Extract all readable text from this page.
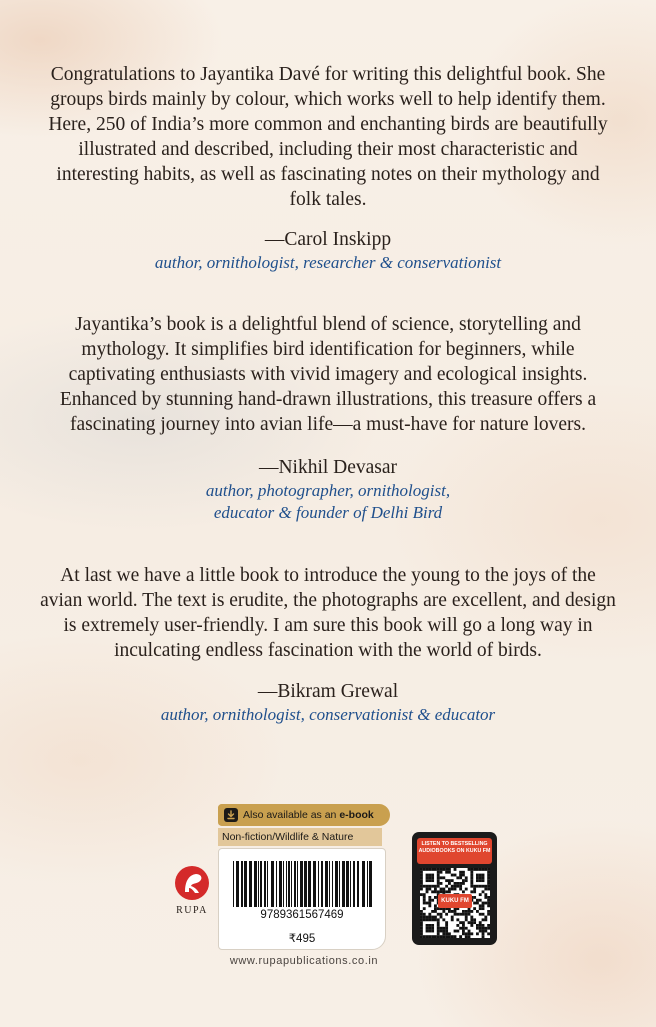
Congratulations to Jayantika Davé for writing this delightful book. She groups birds mainly by colour, which works well to help identify them. Here, 250 of India’s more common and enchanting birds are beautifully illustrated and described, including their most characteristic and interesting habits, as well as fascinating notes on their mythology and folk tales.

—Carol Inskipp
author, ornithologist, researcher & conservationist

Jayantika’s book is a delightful blend of science, storytelling and mythology. It simplifies bird identification for beginners, while captivating enthusiasts with vivid imagery and ecological insights. Enhanced by stunning hand-drawn illustrations, this treasure offers a fascinating journey into avian life—a must-have for nature lovers.

—Nikhil Devasar
author, photographer, ornithologist,
educator & founder of Delhi Bird

At last we have a little book to introduce the young to the joys of the avian world. The text is erudite, the photographs are excellent, and design is extremely user-friendly. I am sure this book will go a long way in inculcating endless fascination with the world of birds.

—Bikram Grewal
author, ornithologist, conservationist & educator
RUPA
Also available as an e-book
Non-fiction/Wildlife & Nature
9789361567469
₹495
www.rupapublications.co.in
LISTEN TO BESTSELLING AUDIOBOOKS ON KUKU FM
KUKU FM
